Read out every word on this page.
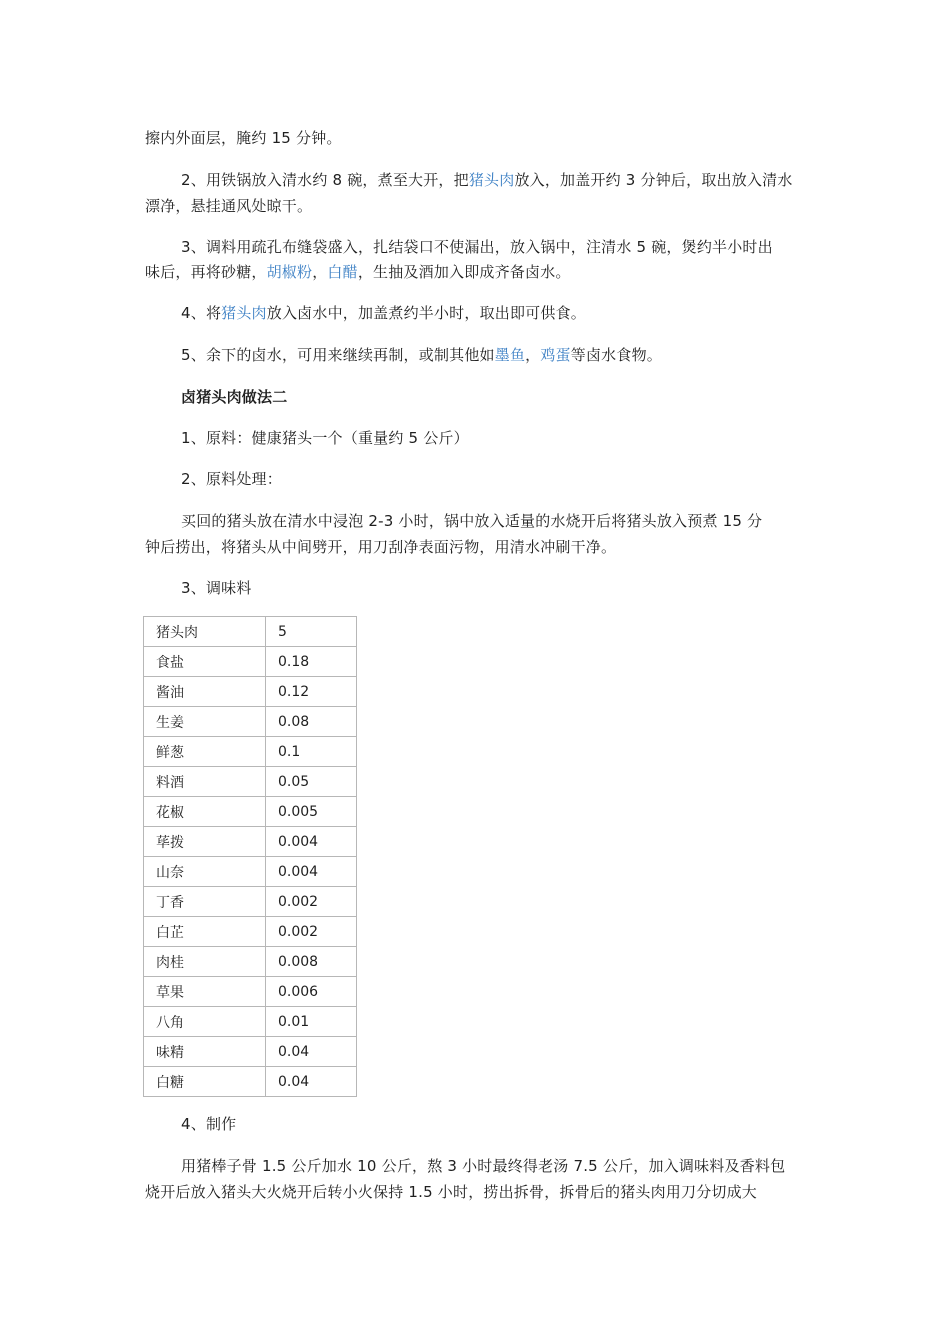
擦内外面层，腌约 15 分钟。
2、用铁锅放入清水约 8 碗，煮至大开，把猪头肉放入，加盖开约 3 分钟后，取出放入清水
漂净，悬挂通风处晾干。
3、调料用疏孔布缝袋盛入，扎结袋口不使漏出，放入锅中，注清水 5 碗，煲约半小时出
味后，再将砂糖，胡椒粉，白醋，生抽及酒加入即成齐备卤水。
4、将猪头肉放入卤水中，加盖煮约半小时，取出即可供食。
5、余下的卤水，可用来继续再制，或制其他如墨鱼，鸡蛋等卤水食物。
卤猪头肉做法二
1、原料：健康猪头一个（重量约 5 公斤）
2、原料处理：
买回的猪头放在清水中浸泡 2-3 小时，锅中放入适量的水烧开后将猪头放入预煮 15 分
钟后捞出，将猪头从中间劈开，用刀刮净表面污物，用清水冲刷干净。
3、调味料
猪头肉	5
食盐	0.18
酱油	0.12
生姜	0.08
鲜葱	0.1
料酒	0.05
花椒	0.005
荜拨	0.004
山奈	0.004
丁香	0.002
白芷	0.002
肉桂	0.008
草果	0.006
八角	0.01
味精	0.04
白糖	0.04
4、制作
用猪棒子骨 1.5 公斤加水 10 公斤，熬 3 小时最终得老汤 7.5 公斤，加入调味料及香料包
烧开后放入猪头大火烧开后转小火保持 1.5 小时，捞出拆骨，拆骨后的猪头肉用刀分切成大
